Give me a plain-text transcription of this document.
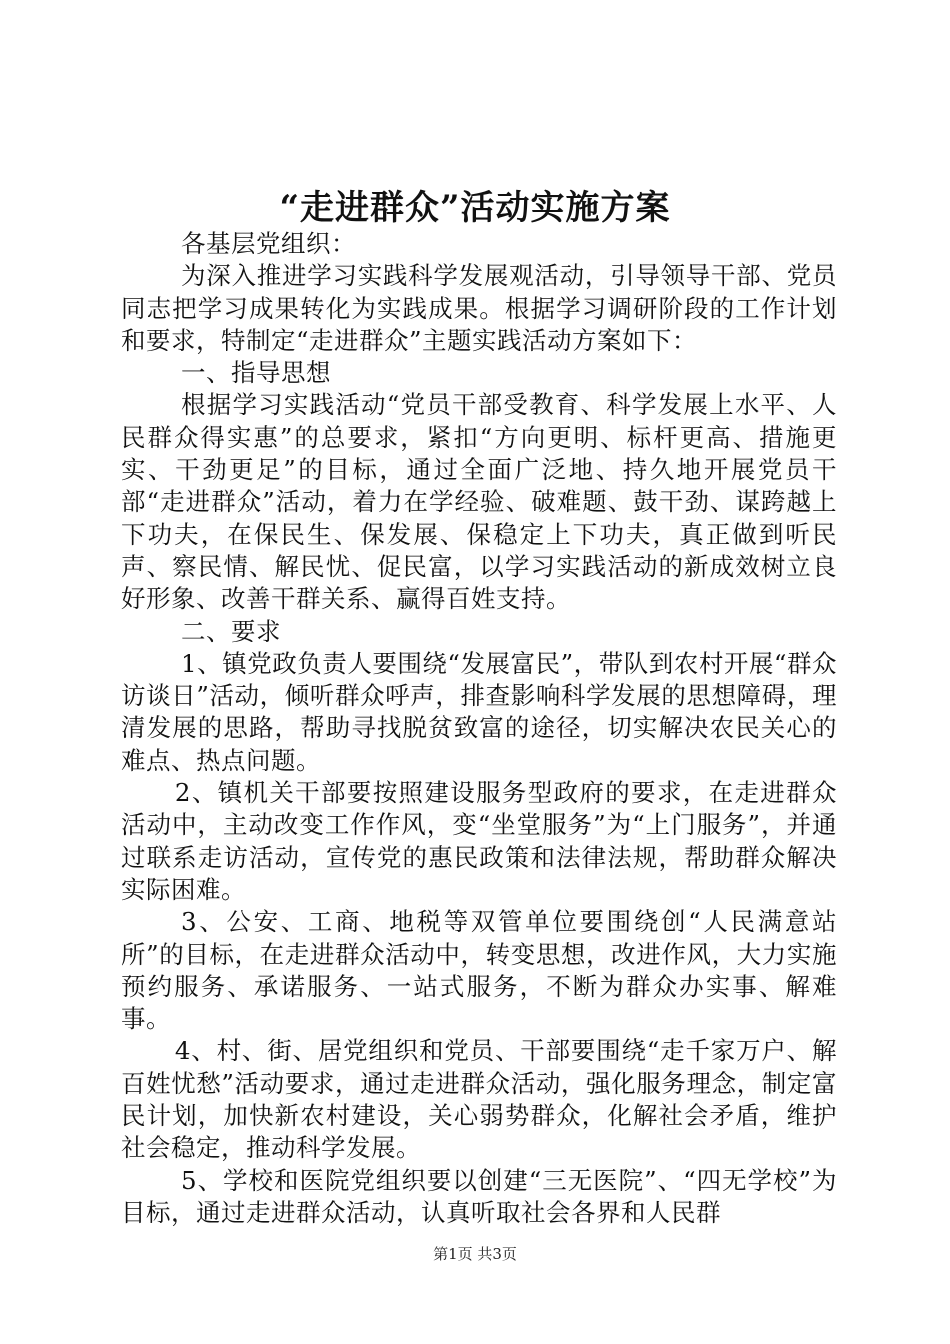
“走进群众”活动实施方案

各基层党组织：

为深入推进学习实践科学发展观活动，引导领导干部、党员同志把学习成果转化为实践成果。根据学习调研阶段的工作计划和要求，特制定“走进群众”主题实践活动方案如下：

一、指导思想

根据学习实践活动“党员干部受教育、科学发展上水平、人民群众得实惠”的总要求，紧扣“方向更明、标杆更高、措施更实、干劲更足”的目标，通过全面广泛地、持久地开展党员干部“走进群众”活动，着力在学经验、破难题、鼓干劲、谋跨越上下功夫，在保民生、保发展、保稳定上下功夫，真正做到听民声、察民情、解民忧、促民富，以学习实践活动的新成效树立良好形象、改善干群关系、赢得百姓支持。

二、要求

1、镇党政负责人要围绕“发展富民”，带队到农村开展“群众访谈日”活动，倾听群众呼声，排查影响科学发展的思想障碍，理清发展的思路，帮助寻找脱贫致富的途径，切实解决农民关心的难点、热点问题。

2、镇机关干部要按照建设服务型政府的要求，在走进群众活动中，主动改变工作作风，变“坐堂服务”为“上门服务”，并通过联系走访活动，宣传党的惠民政策和法律法规，帮助群众解决实际困难。

3、公安、工商、地税等双管单位要围绕创“人民满意站所”的目标，在走进群众活动中，转变思想，改进作风，大力实施预约服务、承诺服务、一站式服务，不断为群众办实事、解难事。

4、村、街、居党组织和党员、干部要围绕“走千家万户、解百姓忧愁”活动要求，通过走进群众活动，强化服务理念，制定富民计划，加快新农村建设，关心弱势群众，化解社会矛盾，维护社会稳定，推动科学发展。

5、学校和医院党组织要以创建“三无医院”、“四无学校”为目标，通过走进群众活动，认真听取社会各界和人民群

第1页 共3页
